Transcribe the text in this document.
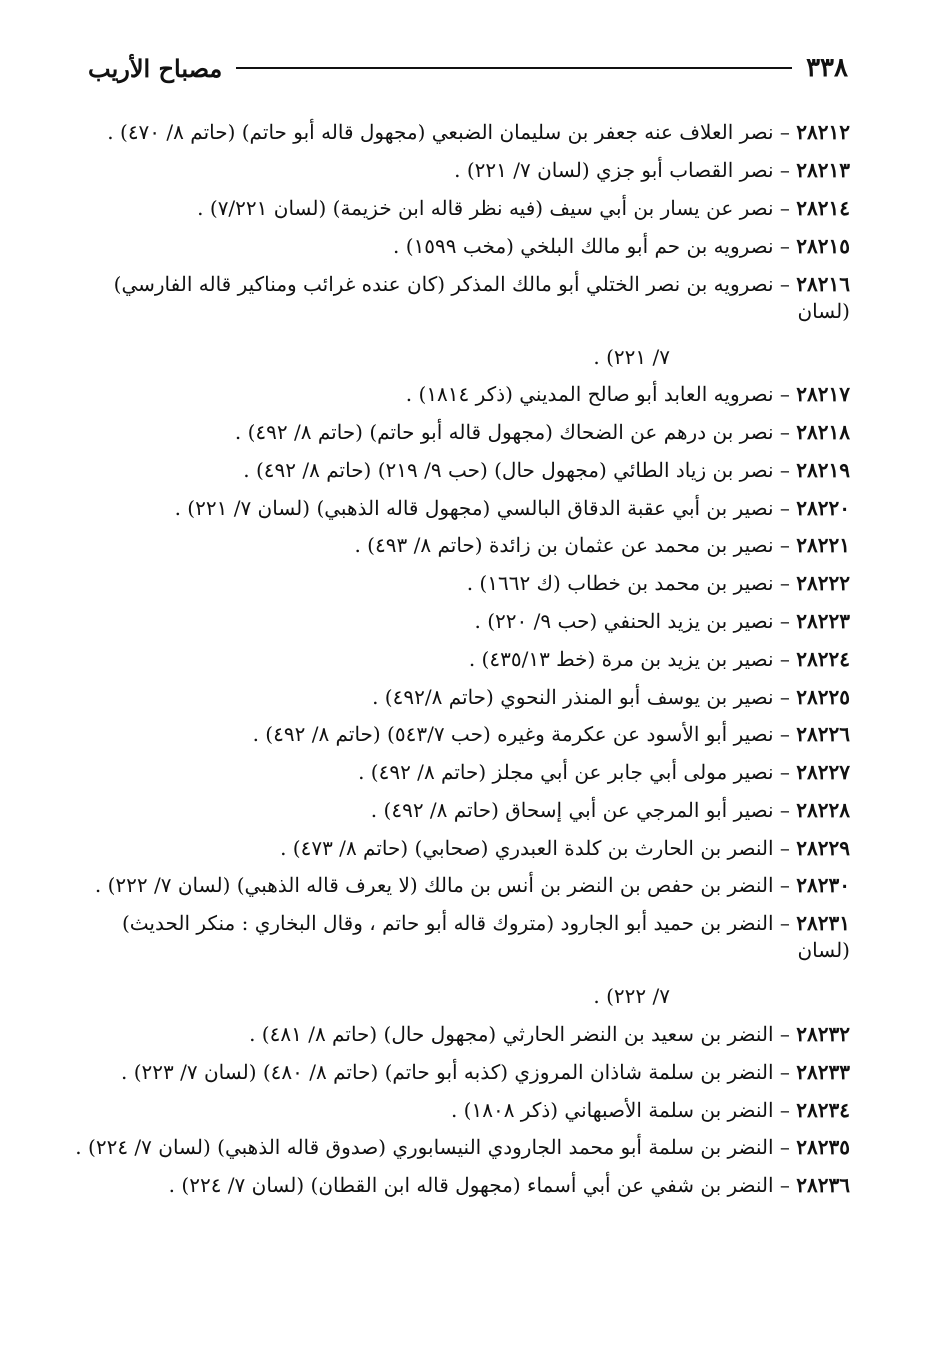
٣٣٨
مصباح الأريب
٢٨٢١٢ – نصر العلاف عنه جعفر بن سليمان الضبعي (مجهول قاله أبو حاتم) (حاتم ٨/ ٤٧٠) .
٢٨٢١٣ – نصر القصاب أبو جزي (لسان ٧/ ٢٢١) .
٢٨٢١٤ – نصر عن يسار بن أبي سيف (فيه نظر قاله ابن خزيمة) (لسان ٧/٢٢١) .
٢٨٢١٥ – نصرويه بن حم أبو مالك البلخي (مخب ١٥٩٩) .
٢٨٢١٦ – نصرويه بن نصر الختلي أبو مالك المذكر (كان عنده غرائب ومناكير قاله الفارسي) (لسان
٧/ ٢٢١) .
٢٨٢١٧ – نصرويه العابد أبو صالح المديني (ذكر ١٨١٤) .
٢٨٢١٨ – نصر بن درهم عن الضحاك (مجهول قاله أبو حاتم) (حاتم ٨/ ٤٩٢) .
٢٨٢١٩ – نصر بن زياد الطائي (مجهول حال) (حب ٩/ ٢١٩) (حاتم ٨/ ٤٩٢) .
٢٨٢٢٠ – نصير بن أبي عقبة الدقاق البالسي (مجهول قاله الذهبي) (لسان ٧/ ٢٢١) .
٢٨٢٢١ – نصير بن محمد عن عثمان بن زائدة (حاتم ٨/ ٤٩٣) .
٢٨٢٢٢ – نصير بن محمد بن خطاب (ك ١٦٦٢) .
٢٨٢٢٣ – نصير بن يزيد الحنفي (حب ٩/ ٢٢٠) .
٢٨٢٢٤ – نصير بن يزيد بن مرة (خط ٤٣٥/١٣) .
٢٨٢٢٥ – نصير بن يوسف أبو المنذر النحوي (حاتم ٤٩٢/٨) .
٢٨٢٢٦ – نصير أبو الأسود عن عكرمة وغيره (حب ٥٤٣/٧) (حاتم ٨/ ٤٩٢) .
٢٨٢٢٧ – نصير مولى أبي جابر عن أبي مجلز (حاتم ٨/ ٤٩٢) .
٢٨٢٢٨ – نصير أبو المرجي عن أبي إسحاق (حاتم ٨/ ٤٩٢) .
٢٨٢٢٩ – النصر بن الحارث بن كلدة العبدري (صحابي) (حاتم ٨/ ٤٧٣) .
٢٨٢٣٠ – النضر بن حفص بن النضر بن أنس بن مالك (لا يعرف قاله الذهبي) (لسان ٧/ ٢٢٢) .
٢٨٢٣١ – النضر بن حميد أبو الجارود (متروك قاله أبو حاتم ، وقال البخاري : منكر الحديث) (لسان
٧/ ٢٢٢) .
٢٨٢٣٢ – النضر بن سعيد بن النضر الحارثي (مجهول حال) (حاتم ٨/ ٤٨١) .
٢٨٢٣٣ – النضر بن سلمة شاذان المروزي (كذبه أبو حاتم) (حاتم ٨/ ٤٨٠) (لسان ٧/ ٢٢٣) .
٢٨٢٣٤ – النضر بن سلمة الأصبهاني (ذكر ١٨٠٨) .
٢٨٢٣٥ – النضر بن سلمة أبو محمد الجارودي النيسابوري (صدوق قاله الذهبي) (لسان ٧/ ٢٢٤) .
٢٨٢٣٦ – النضر بن شفي عن أبي أسماء (مجهول قاله ابن القطان) (لسان ٧/ ٢٢٤) .
